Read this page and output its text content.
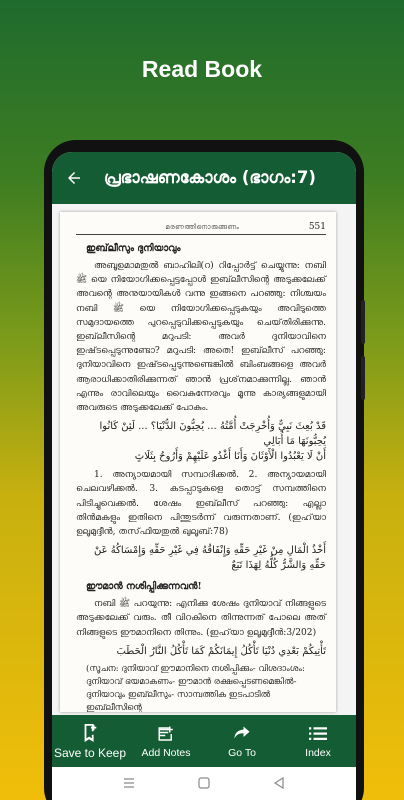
Read Book
പ്രഭാഷണകോശം (ഭാഗം:7)
മരണത്തിനൊരുങ്ങണം	551
ഇബ്‌ലീസും ദുനിയാവും
അബൂഉമാമതുൽ ബാഹിലി(റ) റിപ്പോർട്ട് ചെയ്യുന്നു: നബി ﷺ യെ നിയോഗിക്കപ്പെട്ടപ്പോൾ ഇബ്‌ലീസിന്റെ അടുക്കലേക്ക് അവന്റെ അനുയായികൾ വന്നു ഇങ്ങനെ പറഞ്ഞു: നിശ്ചയം നബി ﷺ യെ നിയോഗിക്കപ്പെടുകയും അവിടുത്തെ സമുദായത്തെ പുറപ്പെടുവിക്കപ്പെടുകയും ചെയ്‌തിരിക്കുന്നു. ഇബ്‌ലീസിന്റെ മറുപടി: അവർ ദുനിയാവിനെ ഇഷ്‌ടപ്പെടുന്നുണ്ടോ? മറുപടി: അതെ! ഇബ്‌ലീസ് പറഞ്ഞു: ദുനിയാവിനെ ഇഷ്‌ടപ്പെടുന്നുണ്ടെങ്കിൽ ബിംബങ്ങളെ അവർ ആരാധിക്കാതിരിക്കുന്നത് ഞാൻ പ്രശ്‌നമാക്കുന്നില്ല. ഞാൻ എന്നും രാവിലെയും വൈകുന്നേരവും മൂന്നു കാര്യങ്ങളുമായി അവരുടെ അടുക്കലേക്ക് പോകും.
قَدْ بُعِثَ نَبِيٌّ وَأُخْرِجَتْ أُمَّتُهُ ... يُحِبُّونَ الدُّنْيَا؟ ... لَئِنْ كَانُوا يُحِبُّونَهَا مَا أُبَالِي
أَنْ لَا يَعْبُدُوا الْأَوْثَانَ وَأَنَا أَغْدُو عَلَيْهِمْ وَأَرُوحُ بِثَلَاثٍ
1. അന്യായമായി സമ്പാദിക്കൽ. 2. അന്യായമായി ചെലവഴിക്കൽ. 3. കടപ്പാടുകളെ തൊട്ട് സമ്പത്തിനെ പിടിച്ചുവെക്കൽ. ശേഷം ഇബ്‌ലീസ് പറഞ്ഞു: എല്ലാ തിൻമകളും ഇതിനെ പിന്തുടർന്ന് വരുന്നതാണ്. (ഇഹ്‌യാ ഉലൂമുദ്ദീൻ, തസ്‌ഫിയതുൽ ഖുലൂബ്:78)
أَخْذُ الْمَالِ مِنْ غَيْرِ حَقِّهِ وَإِنْفَاقُهُ فِي غَيْرِ حَقِّهِ وَإِمْسَاكُهُ عَنْ حَقِّهِ وَالشَّرُّ كُلُّهُ لِهَذَا تَبَعٌ
ഈമാൻ നശിപ്പിക്കുന്നവൻ!
നബി ﷺ പറയുന്നു: എനിക്കു ശേഷം ദുനിയാവ് നിങ്ങളുടെ അടുക്കലേക്ക് വരും. തീ വിറകിനെ തിന്നുന്നത് പോലെ അത് നിങ്ങളുടെ ഈമാനിനെ തിന്നും. (ഇഹ്‌യാ ഉലൂമുദ്ദീൻ:3/202)
تَأْتِيكُمْ بَعْدِي دُنْيَا تَأْكُلُ إِيمَانَكُمْ كَمَا تَأْكُلُ النَّارُ الْحَطَبَ
(സൂചന: ദുനിയാവ് ഈമാനിനെ നശിപ്പിക്കും- വിശദാംശം: ദുനിയാവ് ഭയമാകണം- ഈമാൻ രക്ഷപ്പെടണമെങ്കിൽ- ദുനിയാവും ഇബ്‌ലീസും- സാമ്പത്തിക ഇടപാടിൽ ഇബ്‌ലീസിന്റെ
Save to Keep Add Notes	Go To	Index
